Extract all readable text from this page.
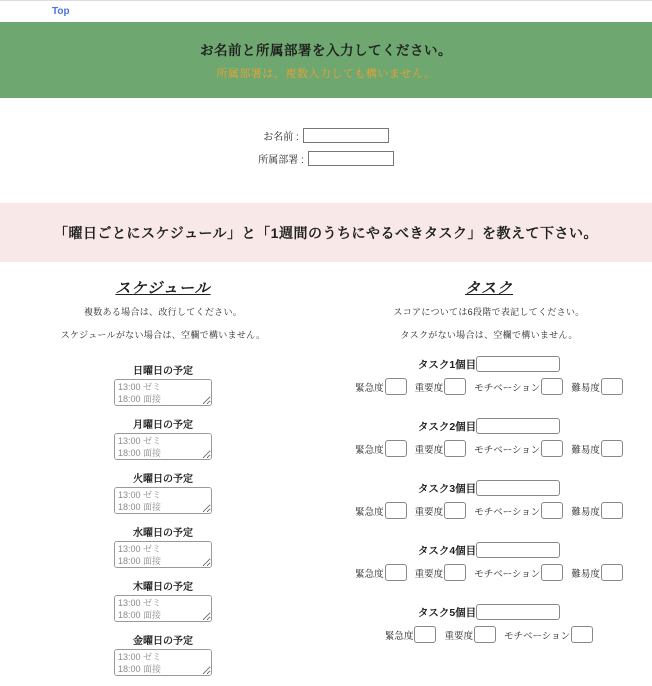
Top
お名前と所属部署を入力してください。
所属部署は、複数入力しても構いません。
お名前 :
所属部署 :
「曜日ごとにスケジュール」と「1週間のうちにやるべきタスク」を教えて下さい。
スケジュール
複数ある場合は、改行してください。
スケジュールがない場合は、空欄で構いません。
日曜日の予定
13:00 ゼミ 18:00 面接
月曜日の予定
13:00 ゼミ 18:00 面接
火曜日の予定
13:00 ゼミ 18:00 面接
水曜日の予定
13:00 ゼミ 18:00 面接
木曜日の予定
13:00 ゼミ 18:00 面接
金曜日の予定
13:00 ゼミ 18:00 面接
タスク
スコアについては6段階で表記してください。
タスクがない場合は、空欄で構いません。
タスク1個目
緊急度	重要度	モチベーション	難易度
タスク2個目
緊急度	重要度	モチベーション	難易度
タスク3個目
緊急度	重要度	モチベーション	難易度
タスク4個目
緊急度	重要度	モチベーション	難易度
タスク5個目
緊急度	重要度	モチベーション
